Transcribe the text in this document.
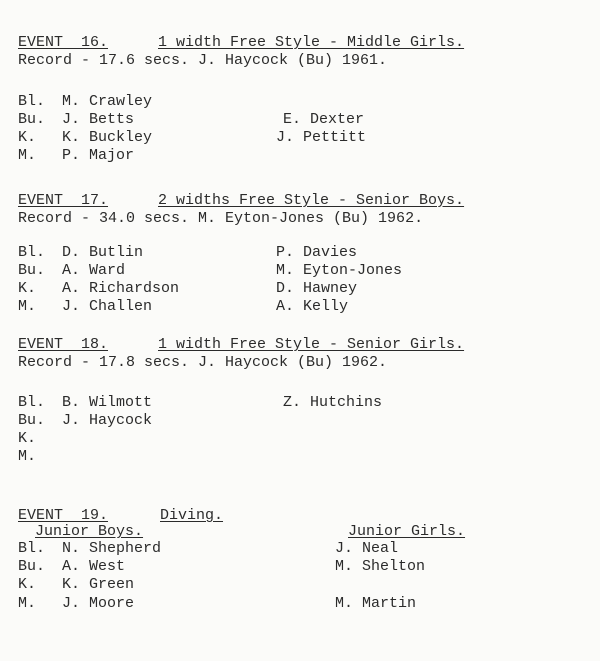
EVENT  16.	1 width Free Style - Middle Girls.
Record - 17.6 secs. J. Haycock (Bu) 1961.
Bl. M. Crawley
Bu. J. Betts	E. Dexter
K. K. Buckley	J. Pettitt
M. P. Major
EVENT  17.	2 widths Free Style - Senior Boys.
Record - 34.0 secs. M. Eyton-Jones (Bu) 1962.
Bl. D. Butlin	P. Davies
Bu. A. Ward	M. Eyton-Jones
K. A. Richardson	D. Hawney
M. J. Challen	A. Kelly
EVENT  18.	1 width Free Style - Senior Girls.
Record - 17.8 secs. J. Haycock (Bu) 1962.
Bl. B. Wilmott	Z. Hutchins
Bu. J. Haycock
K.
M.
EVENT  19.	Diving.
Junior Boys.	Junior Girls.
Bl. N. Shepherd	J. Neal
Bu. A. West	M. Shelton
K. K. Green
M. J. Moore	M. Martin
